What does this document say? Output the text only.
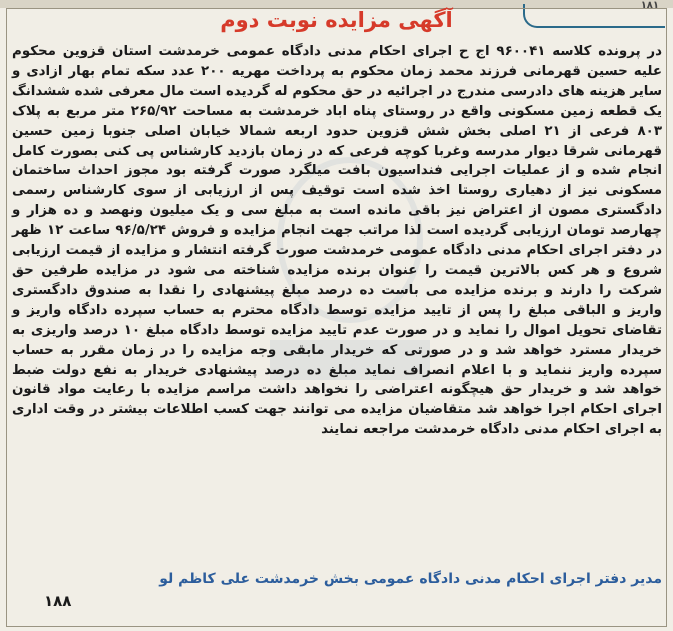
۱۸۱
آگهی مزایده نوبت دوم
در پرونده کلاسه ۹۶۰۰۴۱ اج ح اجرای احکام مدنی دادگاه عمومی خرمدشت استان قزوین محکوم علیه حسین قهرمانی فرزند محمد زمان محکوم به پرداخت مهریه ۲۰۰ عدد سکه تمام بهار ازادی و سایر هزینه های دادرسی مندرج در اجرائیه در حق محکوم له گردیده است مال معرفی شده ششدانگ یک قطعه زمین مسکونی واقع در روستای پناه اباد خرمدشت به مساحت ۲۶۵/۹۲ متر مربع به پلاک ۸۰۳ فرعی از ۲۱ اصلی بخش شش قزوین حدود اربعه شمالا خیابان اصلی جنوبا زمین حسین قهرمانی شرقا دیوار مدرسه وغربا کوچه فرعی که در زمان بازدید کارشناس پی کنی بصورت کامل انجام شده و از عملیات اجرایی فنداسیون بافت میلگرد صورت گرفته بود مجوز احداث ساختمان مسکونی نیز از دهیاری روستا اخذ شده است توقیف پس از ارزیابی از سوی کارشناس رسمی دادگستری مصون از اعتراض نیز باقی مانده است به مبلغ سی و یک میلیون ونهصد و ده هزار و چهارصد تومان ارزیابی گردیده است لذا مراتب جهت انجام مزایده و فروش ۹۶/۵/۲۴ ساعت ۱۲ ظهر در دفتر اجرای احکام مدنی دادگاه عمومی خرمدشت صورت گرفته انتشار و مزایده از قیمت ارزیابی شروع و هر کس بالاترین قیمت را عنوان برنده مزایده شناخته می شود در مزایده طرفین حق شرکت را دارند و برنده مزایده می باست ده درصد مبلغ پیشنهادی را نقدا به صندوق دادگستری واریز و الباقی مبلغ را پس از تایید مزایده توسط دادگاه محترم به حساب سپرده دادگاه واریز و تقاضای تحویل اموال را نماید و در صورت عدم تایید مزایده توسط دادگاه مبلغ ۱۰ درصد واریزی به خریدار مسترد خواهد شد و در صورتی که خریدار مابقی وجه مزایده را در زمان مقرر به حساب سپرده واریز ننماید و با اعلام انصراف نماید مبلغ ده درصد پیشنهادی خریدار به نفع دولت ضبط خواهد شد و خریدار حق هیچگونه اعتراضی را نخواهد داشت مراسم مزایده با رعایت مواد قانون اجرای احکام اجرا خواهد شد متقاضیان مزایده می توانند جهت کسب اطلاعات بیشتر در وقت اداری به اجرای احکام مدنی دادگاه خرمدشت مراجعه نمایند
مدیر دفتر اجرای احکام مدنی دادگاه عمومی بخش خرمدشت علی کاظم لو
۱۸۸
